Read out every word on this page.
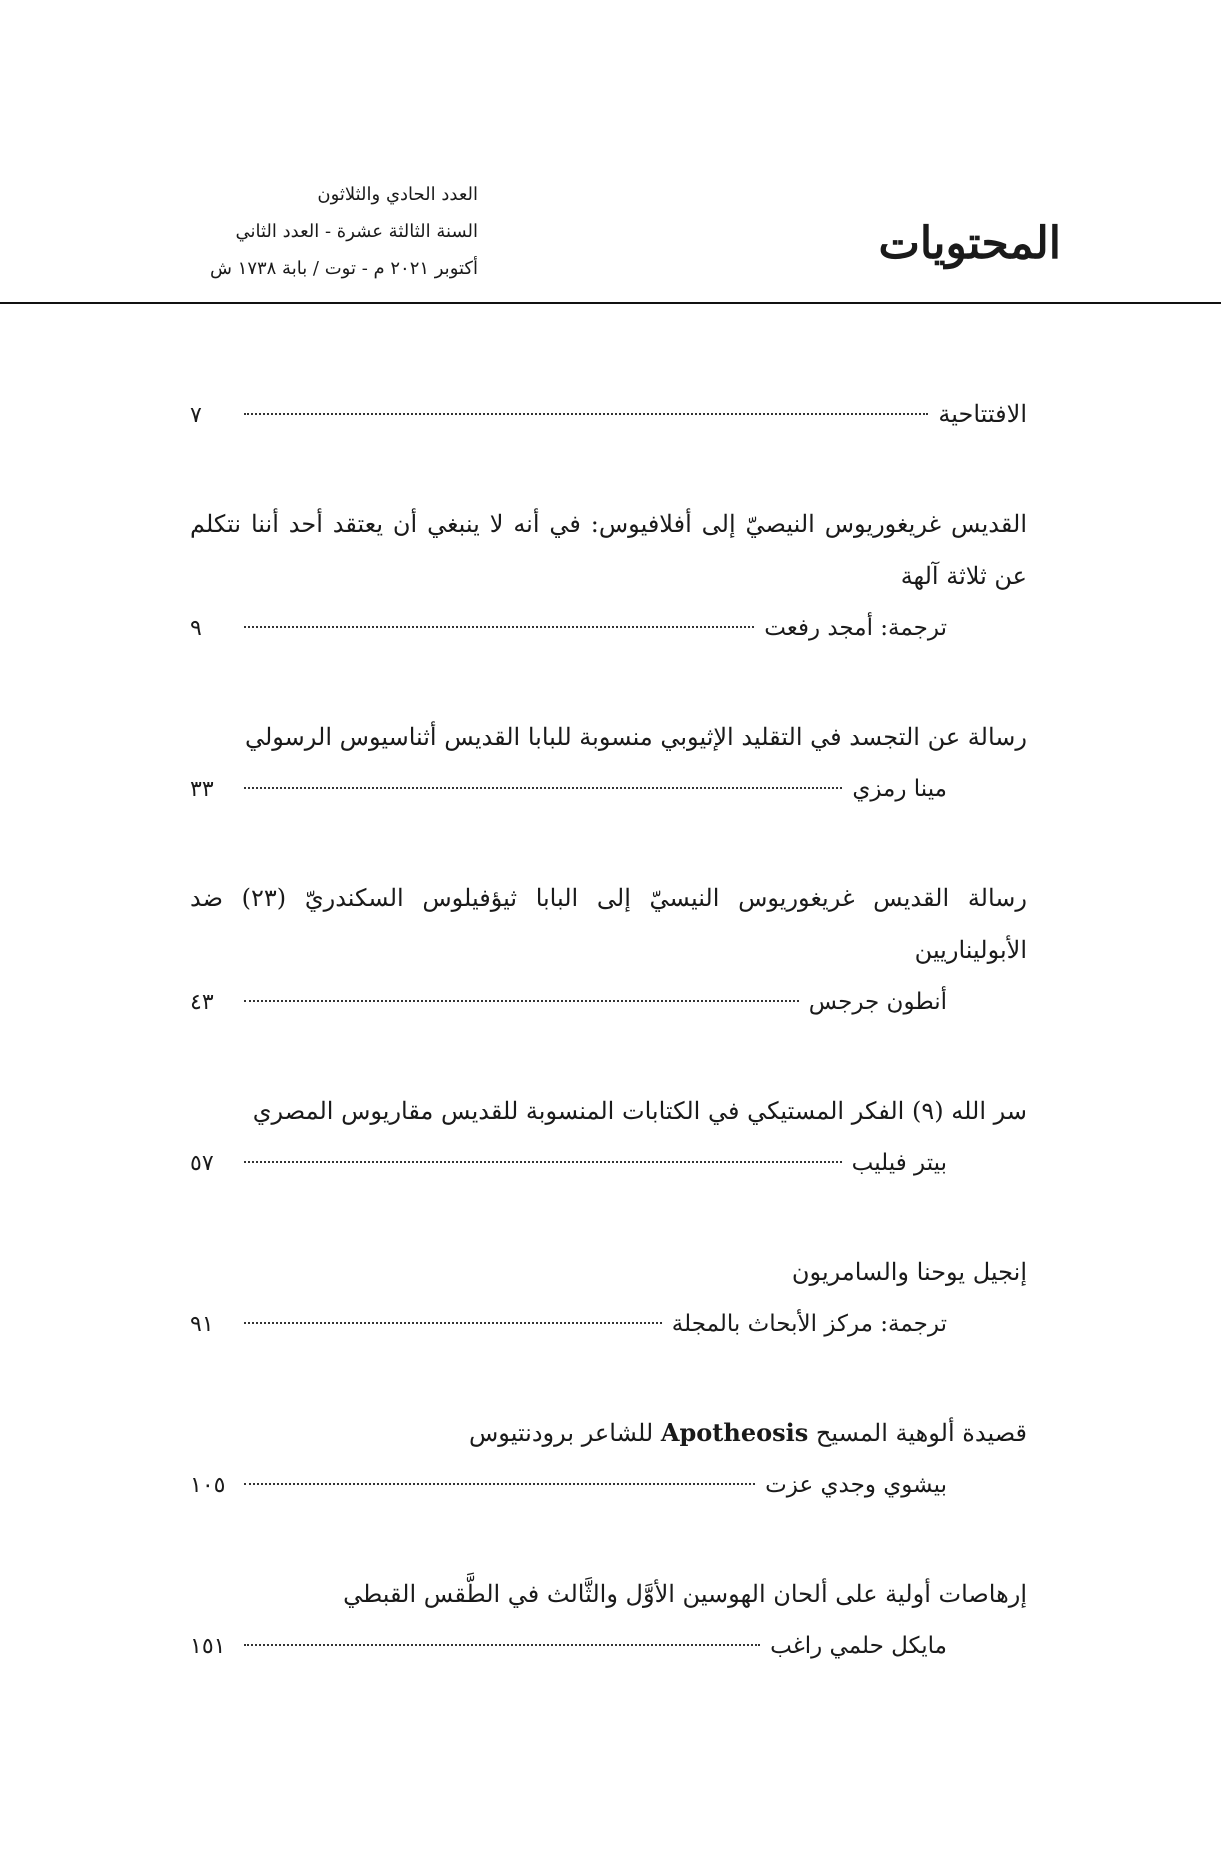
المحتويات
العدد الحادي والثلاثون
السنة الثالثة عشرة - العدد الثاني
أكتوبر ٢٠٢١ م - توت / بابة ١٧٣٨ ش
الافتتاحية
٧
القديس غريغوريوس النيصيّ إلى أفلافيوس: في أنه لا ينبغي أن يعتقد أحد أننا نتكلم عن ثلاثة آلهة
ترجمة: أمجد رفعت
٩
رسالة عن التجسد في التقليد الإثيوبي منسوبة للبابا القديس أثناسيوس الرسولي
مينا رمزي
٣٣
رسالة القديس غريغوريوس النيسيّ إلى البابا ثيؤفيلوس السكندريّ (٢٣) ضد الأبوليناريين
أنطون جرجس
٤٣
سر الله (٩) الفكر المستيكي في الكتابات المنسوبة للقديس مقاريوس المصري
بيتر فيليب
٥٧
إنجيل يوحنا والسامريون
ترجمة: مركز الأبحاث بالمجلة
٩١
قصيدة ألوهية المسيح Apotheosis للشاعر برودنتيوس
بيشوي وجدي عزت
١٠٥
إرهاصات أولية على ألحان الهوسين الأوَّل والثَّالث في الطَّقس القبطي
مايكل حلمي راغب
١٥١
